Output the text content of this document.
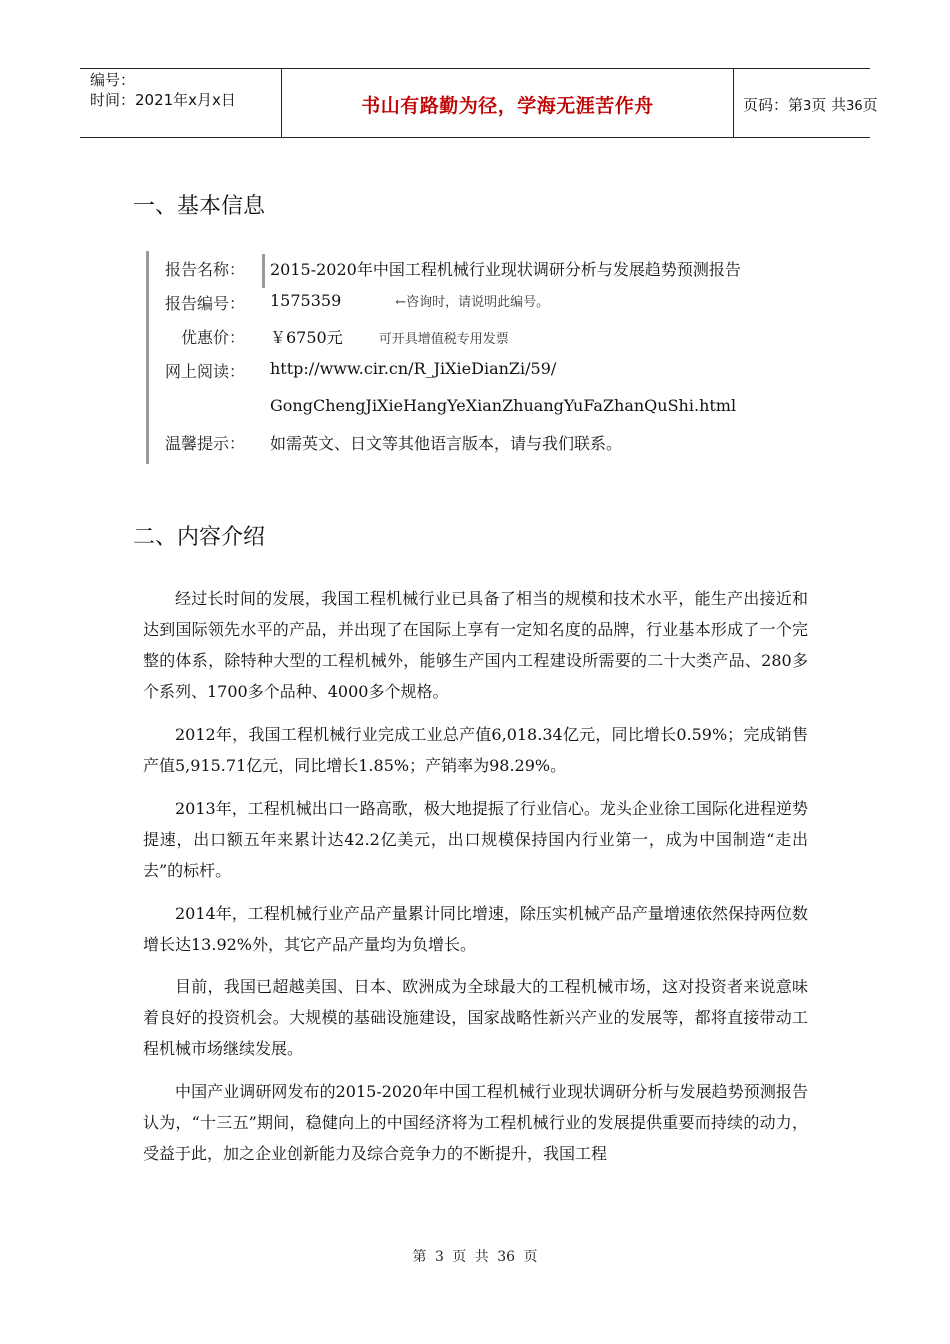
编号：
时间：2021年x月x日	书山有路勤为径，学海无涯苦作舟	页码：第3页 共36页
一、基本信息
报告名称： 2015-2020年中国工程机械行业现状调研分析与发展趋势预测报告
报告编号： 1575359	←咨询时，请说明此编号。
优惠价： ￥6750元	可开具增值税专用发票
网上阅读： http://www.cir.cn/R_JiXieDianZi/59/
GongChengJiXieHangYeXianZhuangYuFaZhanQuShi.html
温馨提示： 如需英文、日文等其他语言版本，请与我们联系。
二、内容介绍

经过长时间的发展，我国工程机械行业已具备了相当的规模和技术水平，能生产出接近和达到国际领先水平的产品，并出现了在国际上享有一定知名度的品牌，行业基本形成了一个完整的体系，除特种大型的工程机械外，能够生产国内工程建设所需要的二十大类产品、280多个系列、1700多个品种、4000多个规格。

2012年，我国工程机械行业完成工业总产值6,018.34亿元，同比增长0.59%；完成销售产值5,915.71亿元，同比增长1.85%；产销率为98.29%。

2013年，工程机械出口一路高歌，极大地提振了行业信心。龙头企业徐工国际化进程逆势提速，出口额五年来累计达42.2亿美元，出口规模保持国内行业第一，成为中国制造“走出去”的标杆。

2014年，工程机械行业产品产量累计同比增速，除压实机械产品产量增速依然保持两位数增长达13.92%外，其它产品产量均为负增长。

目前，我国已超越美国、日本、欧洲成为全球最大的工程机械市场，这对投资者来说意味着良好的投资机会。大规模的基础设施建设，国家战略性新兴产业的发展等，都将直接带动工程机械市场继续发展。

中国产业调研网发布的2015-2020年中国工程机械行业现状调研分析与发展趋势预测报告认为，“十三五”期间，稳健向上的中国经济将为工程机械行业的发展提供重要而持续的动力，受益于此，加之企业创新能力及综合竞争力的不断提升，我国工程

第 3 页 共 36 页
